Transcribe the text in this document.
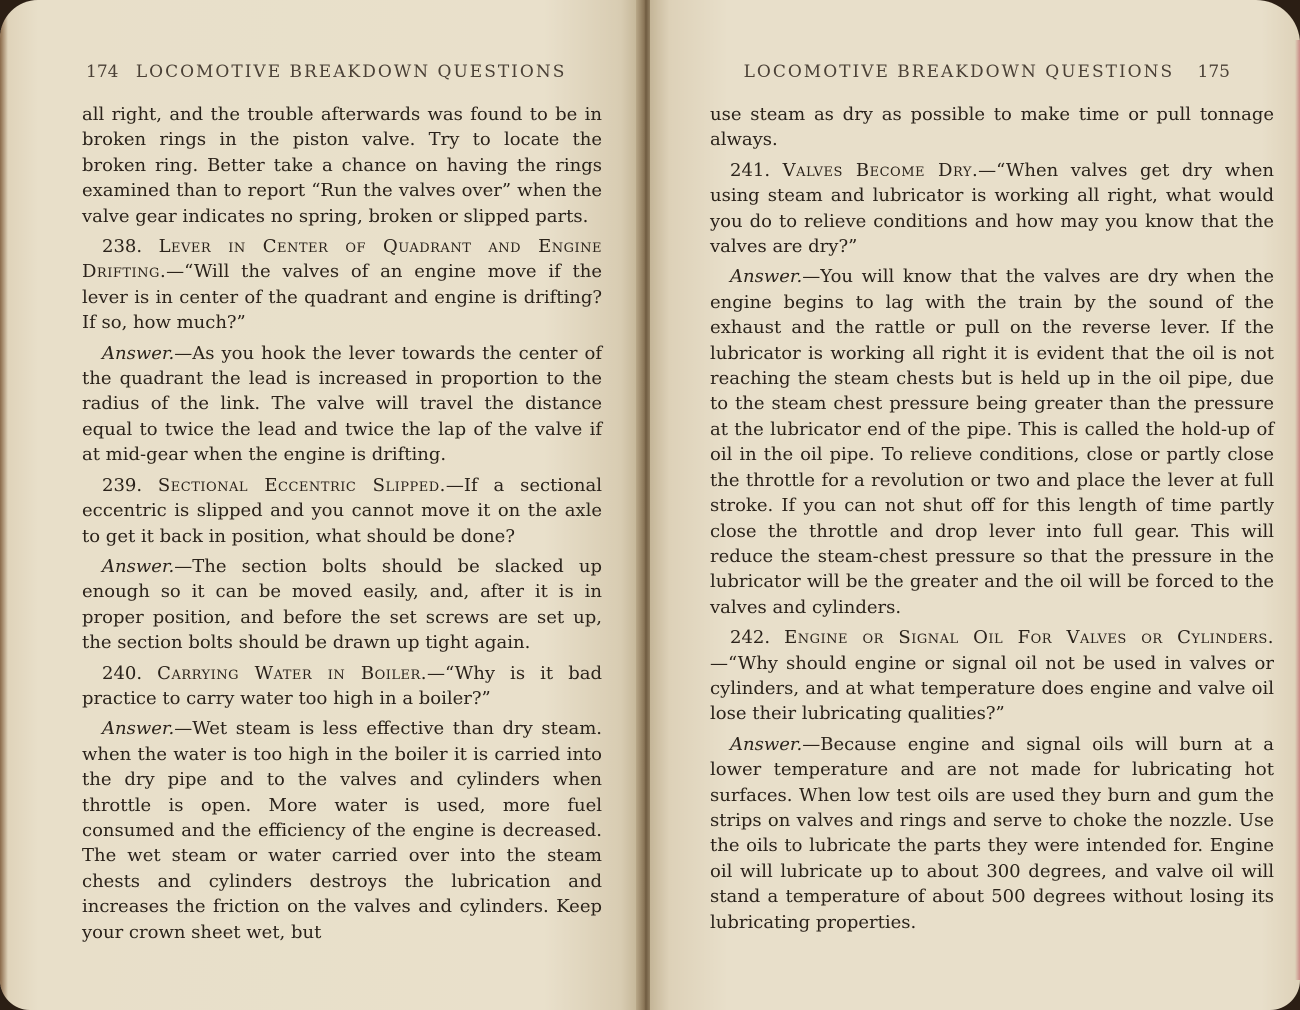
174 LOCOMOTIVE BREAKDOWN QUESTIONS

all right, and the trouble afterwards was found to be in broken rings in the piston valve. Try to locate the broken ring. Better take a chance on having the rings examined than to report “Run the valves over” when the valve gear indicates no spring, broken or slipped parts.

238. Lever in Center of Quadrant and Engine Drifting.—“Will the valves of an engine move if the lever is in center of the quadrant and engine is drifting? If so, how much?”

Answer.—As you hook the lever towards the center of the quadrant the lead is increased in proportion to the radius of the link. The valve will travel the distance equal to twice the lead and twice the lap of the valve if at mid-gear when the engine is drifting.

239. Sectional Eccentric Slipped.—If a sectional eccentric is slipped and you cannot move it on the axle to get it back in position, what should be done?

Answer.—The section bolts should be slacked up enough so it can be moved easily, and, after it is in proper position, and before the set screws are set up, the section bolts should be drawn up tight again.

240. Carrying Water in Boiler.—“Why is it bad practice to carry water too high in a boiler?”

Answer.—Wet steam is less effective than dry steam. when the water is too high in the boiler it is carried into the dry pipe and to the valves and cylinders when throttle is open. More water is used, more fuel consumed and the efficiency of the engine is decreased. The wet steam or water carried over into the steam chests and cylinders destroys the lubrication and increases the friction on the valves and cylinders. Keep your crown sheet wet, but

LOCOMOTIVE BREAKDOWN QUESTIONS 175

use steam as dry as possible to make time or pull tonnage always.

241. Valves Become Dry.—“When valves get dry when using steam and lubricator is working all right, what would you do to relieve conditions and how may you know that the valves are dry?”

Answer.—You will know that the valves are dry when the engine begins to lag with the train by the sound of the exhaust and the rattle or pull on the reverse lever. If the lubricator is working all right it is evident that the oil is not reaching the steam chests but is held up in the oil pipe, due to the steam chest pressure being greater than the pressure at the lubricator end of the pipe. This is called the hold-up of oil in the oil pipe. To relieve conditions, close or partly close the throttle for a revolution or two and place the lever at full stroke. If you can not shut off for this length of time partly close the throttle and drop lever into full gear. This will reduce the steam-chest pressure so that the pressure in the lubricator will be the greater and the oil will be forced to the valves and cylinders.

242. Engine or Signal Oil For Valves or Cylinders.—“Why should engine or signal oil not be used in valves or cylinders, and at what temperature does engine and valve oil lose their lubricating qualities?”

Answer.—Because engine and signal oils will burn at a lower temperature and are not made for lubricating hot surfaces. When low test oils are used they burn and gum the strips on valves and rings and serve to choke the nozzle. Use the oils to lubricate the parts they were intended for. Engine oil will lubricate up to about 300 degrees, and valve oil will stand a temperature of about 500 degrees without losing its lubricating properties.
